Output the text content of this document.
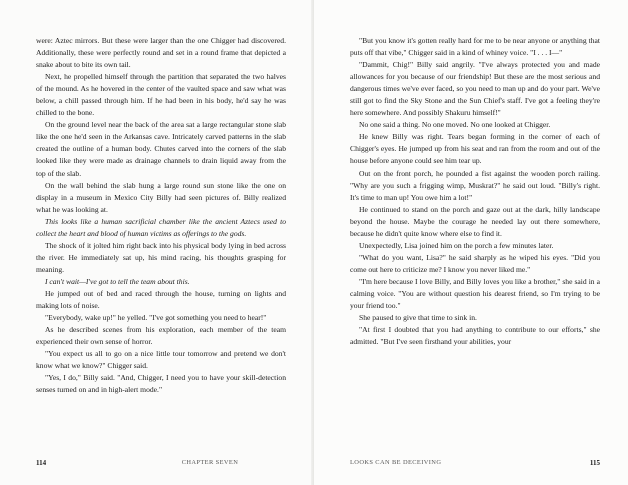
were: Aztec mirrors. But these were larger than the one Chigger had discovered. Additionally, these were perfectly round and set in a round frame that depicted a snake about to bite its own tail.

Next, he propelled himself through the partition that separated the two halves of the mound. As he hovered in the center of the vaulted space and saw what was below, a chill passed through him. If he had been in his body, he'd say he was chilled to the bone.

On the ground level near the back of the area sat a large rectangular stone slab like the one he'd seen in the Arkansas cave. Intricately carved patterns in the slab created the outline of a human body. Chutes carved into the corners of the slab looked like they were made as drainage channels to drain liquid away from the top of the slab.

On the wall behind the slab hung a large round sun stone like the one on display in a museum in Mexico City Billy had seen pictures of. Billy realized what he was looking at.

This looks like a human sacrificial chamber like the ancient Aztecs used to collect the heart and blood of human victims as offerings to the gods.

The shock of it jolted him right back into his physical body lying in bed across the river. He immediately sat up, his mind racing, his thoughts grasping for meaning.

I can't wait—I've got to tell the team about this.

He jumped out of bed and raced through the house, turning on lights and making lots of noise.

"Everybody, wake up!" he yelled. "I've got something you need to hear!"

As he described scenes from his exploration, each member of the team experienced their own sense of horror.

"You expect us all to go on a nice little tour tomorrow and pretend we don't know what we know?" Chigger said.

"Yes, I do," Billy said. "And, Chigger, I need you to have your skill-detection senses turned on and in high-alert mode."

114	CHAPTER SEVEN

"But you know it's gotten really hard for me to be near anyone or anything that puts off that vibe," Chigger said in a kind of whiney voice. "I . . . I—"

"Dammit, Chig!" Billy said angrily. "I've always protected you and made allowances for you because of our friendship! But these are the most serious and dangerous times we've ever faced, so you need to man up and do your part. We've still got to find the Sky Stone and the Sun Chief's staff. I've got a feeling they're here somewhere. And possibly Shakuru himself!"

No one said a thing. No one moved. No one looked at Chigger.

He knew Billy was right. Tears began forming in the corner of each of Chigger's eyes. He jumped up from his seat and ran from the room and out of the house before anyone could see him tear up.

Out on the front porch, he pounded a fist against the wooden porch railing. "Why are you such a frigging wimp, Muskrat?" he said out loud. "Billy's right. It's time to man up! You owe him a lot!"

He continued to stand on the porch and gaze out at the dark, hilly landscape beyond the house. Maybe the courage he needed lay out there somewhere, because he didn't quite know where else to find it.

Unexpectedly, Lisa joined him on the porch a few minutes later.

"What do you want, Lisa?" he said sharply as he wiped his eyes. "Did you come out here to criticize me? I know you never liked me."

"I'm here because I love Billy, and Billy loves you like a brother," she said in a calming voice. "You are without question his dearest friend, so I'm trying to be your friend too."

She paused to give that time to sink in.

"At first I doubted that you had anything to contribute to our efforts," she admitted. "But I've seen firsthand your abilities, your

LOOKS CAN BE DECEIVING	115
